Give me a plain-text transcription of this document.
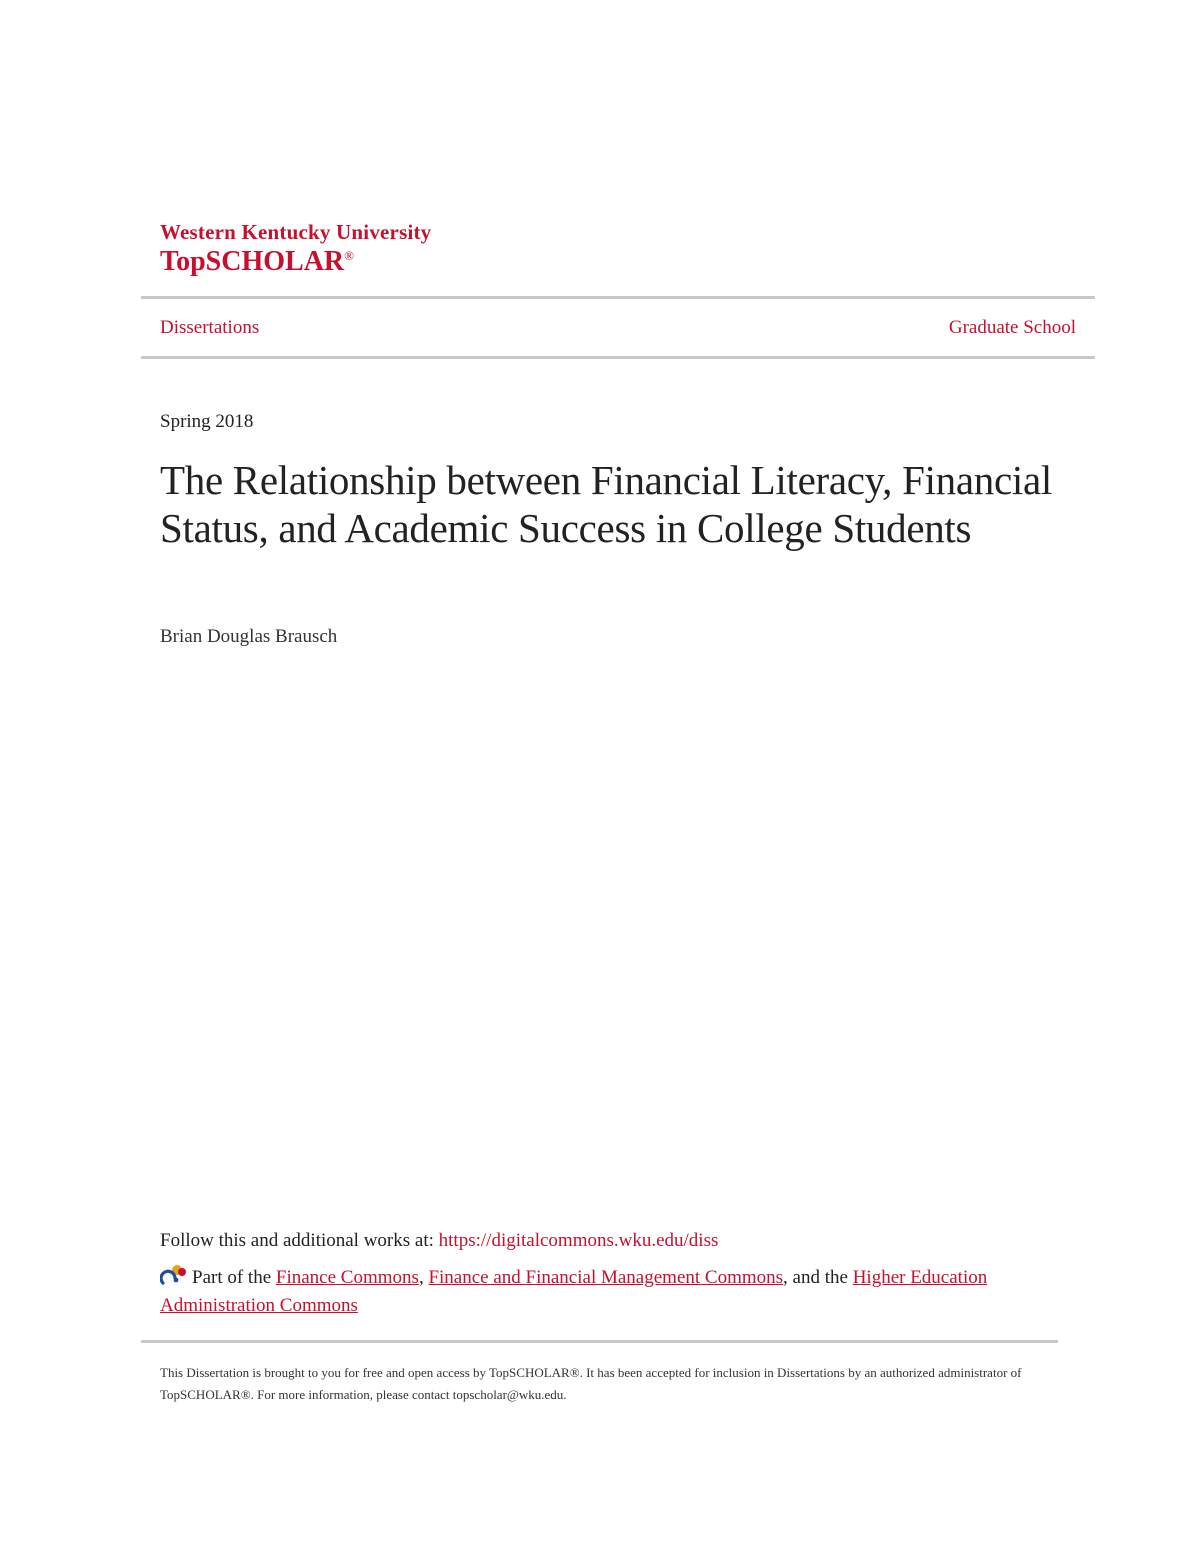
Western Kentucky University
TopSCHOLAR®
Dissertations	Graduate School
Spring 2018
The Relationship between Financial Literacy, Financial Status, and Academic Success in College Students
Brian Douglas Brausch
Follow this and additional works at: https://digitalcommons.wku.edu/diss
Part of the Finance Commons, Finance and Financial Management Commons, and the Higher Education Administration Commons
This Dissertation is brought to you for free and open access by TopSCHOLAR®. It has been accepted for inclusion in Dissertations by an authorized administrator of TopSCHOLAR®. For more information, please contact topscholar@wku.edu.
